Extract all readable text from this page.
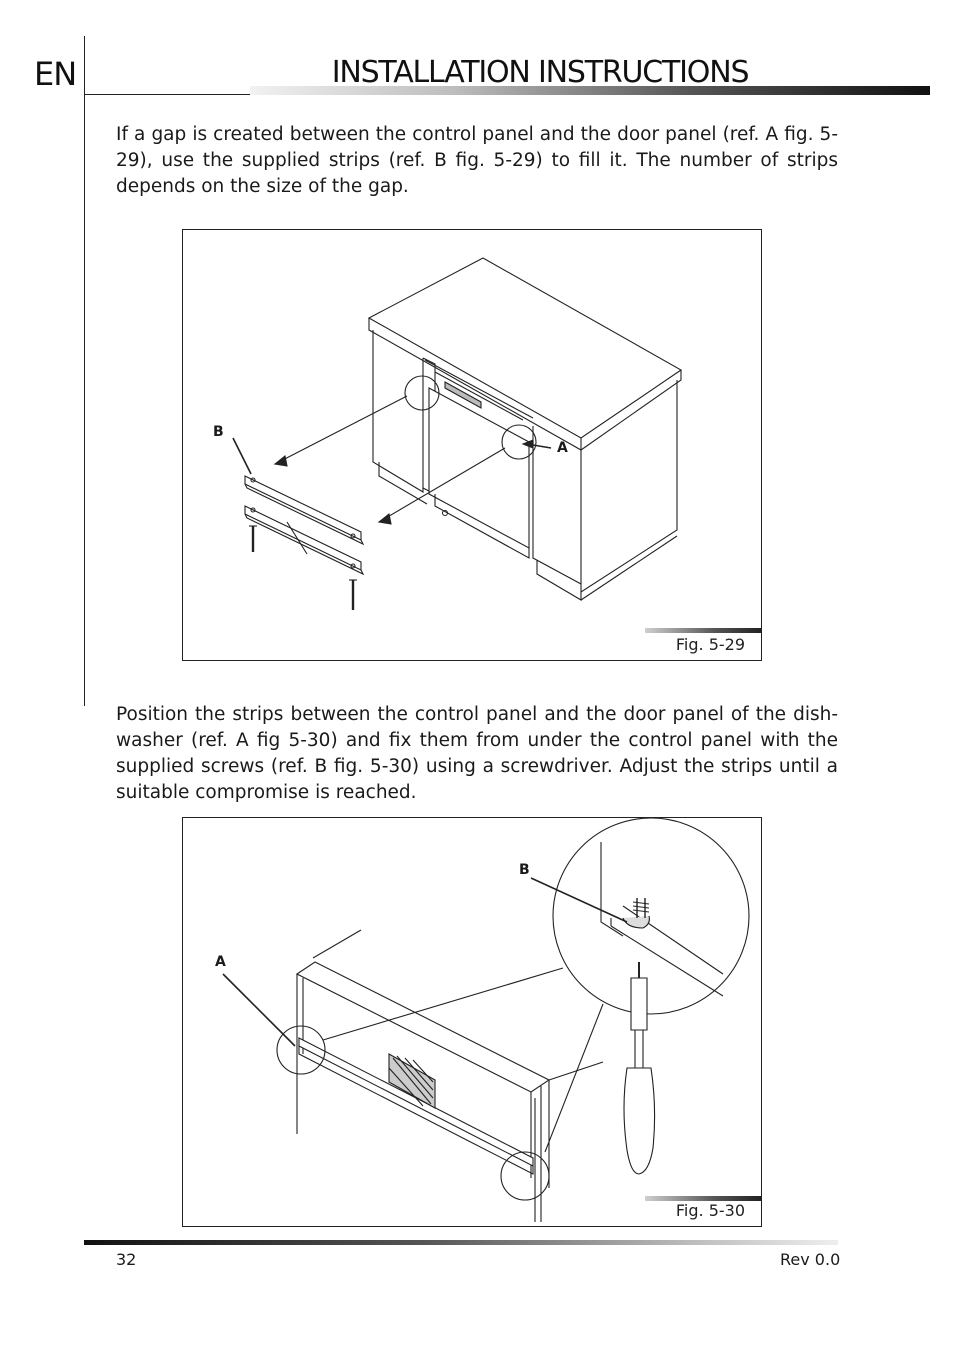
EN	INSTALLATION INSTRUCTIONS

If a gap is created between the control panel and the door panel (ref. A fig. 5-29), use the supplied strips (ref. B fig. 5-29) to fill it. The number of strips depends on the size of the gap.

B
A
Fig. 5-29

Position the strips between the control panel and the door panel of the dish-washer (ref. A fig 5-30) and fix them from under the control panel with the supplied screws (ref. B fig. 5-30) using a screwdriver. Adjust the strips until a suitable compromise is reached.

B
A
Fig. 5-30
32	Rev 0.0
